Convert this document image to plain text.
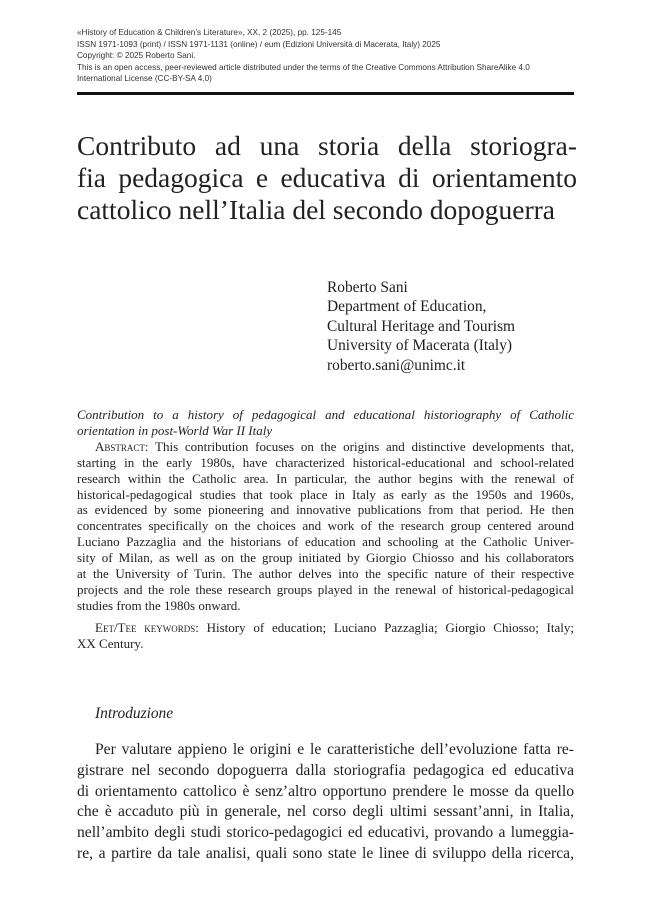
«History of Education & Children’s Literature», XX, 2 (2025), pp. 125-145
ISSN 1971-1093 (print) / ISSN 1971-1131 (online) / eum (Edizioni Università di Macerata, Italy) 2025
Copyright: © 2025 Roberto Sani.
This is an open access, peer-reviewed article distributed under the terms of the Creative Commons Attribution ShareAlike 4.0
International License (CC-BY-SA 4.0)
Contributo ad una storia della storiogra-
fia pedagogica e educativa di orientamento
cattolico nell’Italia del secondo dopoguerra
Roberto Sani
Department of Education,
Cultural Heritage and Tourism
University of Macerata (Italy)
roberto.sani@unimc.it
Contribution to a history of pedagogical and educational historiography of Catholic
orientation in post-World War II Italy
Abstract: This contribution focuses on the origins and distinctive developments that,
starting in the early 1980s, have characterized historical-educational and school-related
research within the Catholic area. In particular, the author begins with the renewal of
historical-pedagogical studies that took place in Italy as early as the 1950s and 1960s,
as evidenced by some pioneering and innovative publications from that period. He then
concentrates specifically on the choices and work of the research group centered around
Luciano Pazzaglia and the historians of education and schooling at the Catholic Univer-
sity of Milan, as well as on the group initiated by Giorgio Chiosso and his collaborators
at the University of Turin. The author delves into the specific nature of their respective
projects and the role these research groups played in the renewal of historical-pedagogical
studies from the 1980s onward.
Eet/Tee keywords: History of education; Luciano Pazzaglia; Giorgio Chiosso; Italy;
XX Century.
Introduzione
Per valutare appieno le origini e le caratteristiche dell’evoluzione fatta re-
gistrare nel secondo dopoguerra dalla storiografia pedagogica ed educativa
di orientamento cattolico è senz’altro opportuno prendere le mosse da quello
che è accaduto più in generale, nel corso degli ultimi sessant’anni, in Italia,
nell’ambito degli studi storico-pedagogici ed educativi, provando a lumeggia-
re, a partire da tale analisi, quali sono state le linee di sviluppo della ricerca,
